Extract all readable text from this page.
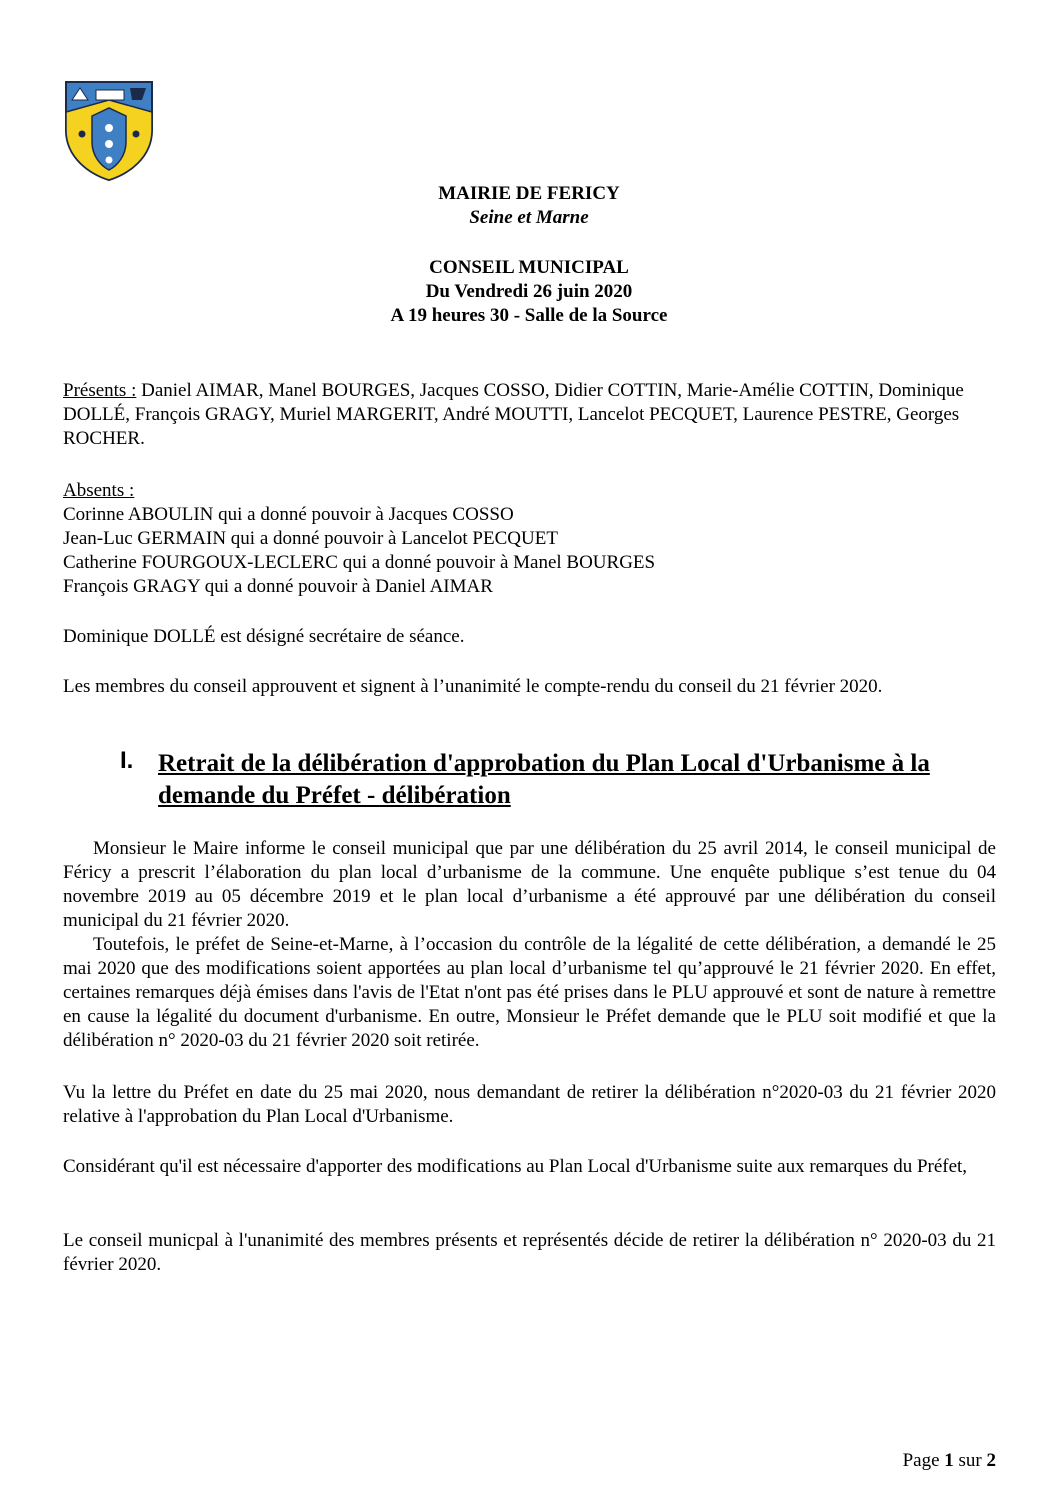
MAIRIE DE FERICY
Seine et Marne
CONSEIL MUNICIPAL
Du Vendredi 26 juin 2020
A 19 heures 30 - Salle de la Source
Présents : Daniel AIMAR, Manel BOURGES, Jacques COSSO, Didier COTTIN, Marie-Amélie COTTIN, Dominique DOLLÉ, François GRAGY, Muriel MARGERIT, André MOUTTI, Lancelot PECQUET, Laurence PESTRE, Georges ROCHER.
Absents :
Corinne ABOULIN qui a donné pouvoir à Jacques COSSO
Jean-Luc GERMAIN qui a donné pouvoir à Lancelot PECQUET
Catherine FOURGOUX-LECLERC qui a donné pouvoir à Manel BOURGES
François GRAGY qui a donné pouvoir à Daniel AIMAR
Dominique DOLLÉ est désigné secrétaire de séance.
Les membres du conseil approuvent et signent à l’unanimité le compte-rendu du conseil du 21 février 2020.
I. Retrait de la délibération d'approbation du Plan Local d'Urbanisme à la demande du Préfet - délibération
Monsieur le Maire informe le conseil municipal que par une délibération du 25 avril 2014, le conseil municipal de Féricy a prescrit l’élaboration du plan local d’urbanisme de la commune. Une enquête publique s’est tenue du 04 novembre 2019 au 05 décembre 2019 et le plan local d’urbanisme a été approuvé par une délibération du conseil municipal du 21 février 2020.
Toutefois, le préfet de Seine-et-Marne, à l’occasion du contrôle de la légalité de cette délibération, a demandé le 25 mai 2020 que des modifications soient apportées au plan local d’urbanisme tel qu’approuvé le 21 février 2020. En effet, certaines remarques déjà émises dans l'avis de l'Etat n'ont pas été prises dans le PLU approuvé et sont de nature à remettre en cause la légalité du document d'urbanisme. En outre, Monsieur le Préfet demande que le PLU soit modifié et que la délibération n° 2020-03 du 21 février 2020 soit retirée.
Vu la lettre du Préfet en date du 25 mai 2020, nous demandant de retirer la délibération n°2020-03 du 21 février 2020 relative à l'approbation du Plan Local d'Urbanisme.
Considérant qu'il est nécessaire d'apporter des modifications au Plan Local d'Urbanisme suite aux remarques du Préfet,
Le conseil municpal à l'unanimité des membres présents et représentés décide de retirer la délibération n° 2020-03 du 21 février 2020.
Page 1 sur 2
